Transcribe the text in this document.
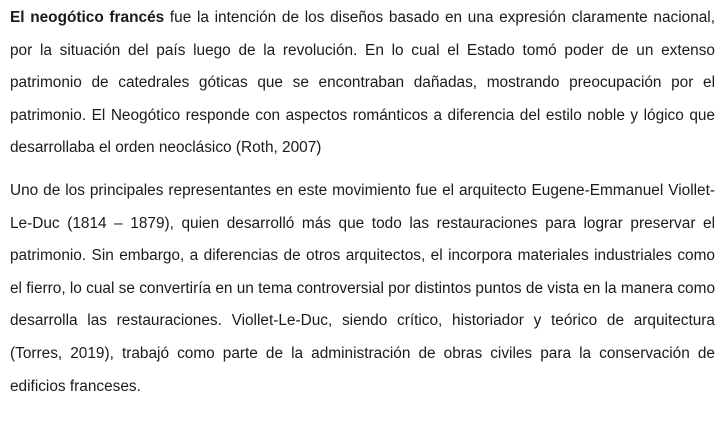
El neogótico francés fue la intención de los diseños basado en una expresión claramente nacional, por la situación del país luego de la revolución. En lo cual el Estado tomó poder de un extenso patrimonio de catedrales góticas que se encontraban dañadas, mostrando preocupación por el patrimonio. El Neogótico responde con aspectos románticos a diferencia del estilo noble y lógico que desarrollaba el orden neoclásico (Roth, 2007)

Uno de los principales representantes en este movimiento fue el arquitecto Eugene-Emmanuel Viollet-Le-Duc (1814 – 1879), quien desarrolló más que todo las restauraciones para lograr preservar el patrimonio. Sin embargo, a diferencias de otros arquitectos, el incorpora materiales industriales como el fierro, lo cual se convertiría en un tema controversial por distintos puntos de vista en la manera como desarrolla las restauraciones. Viollet-Le-Duc, siendo crítico, historiador y teórico de arquitectura (Torres, 2019), trabajó como parte de la administración de obras civiles para la conservación de edificios franceses.
